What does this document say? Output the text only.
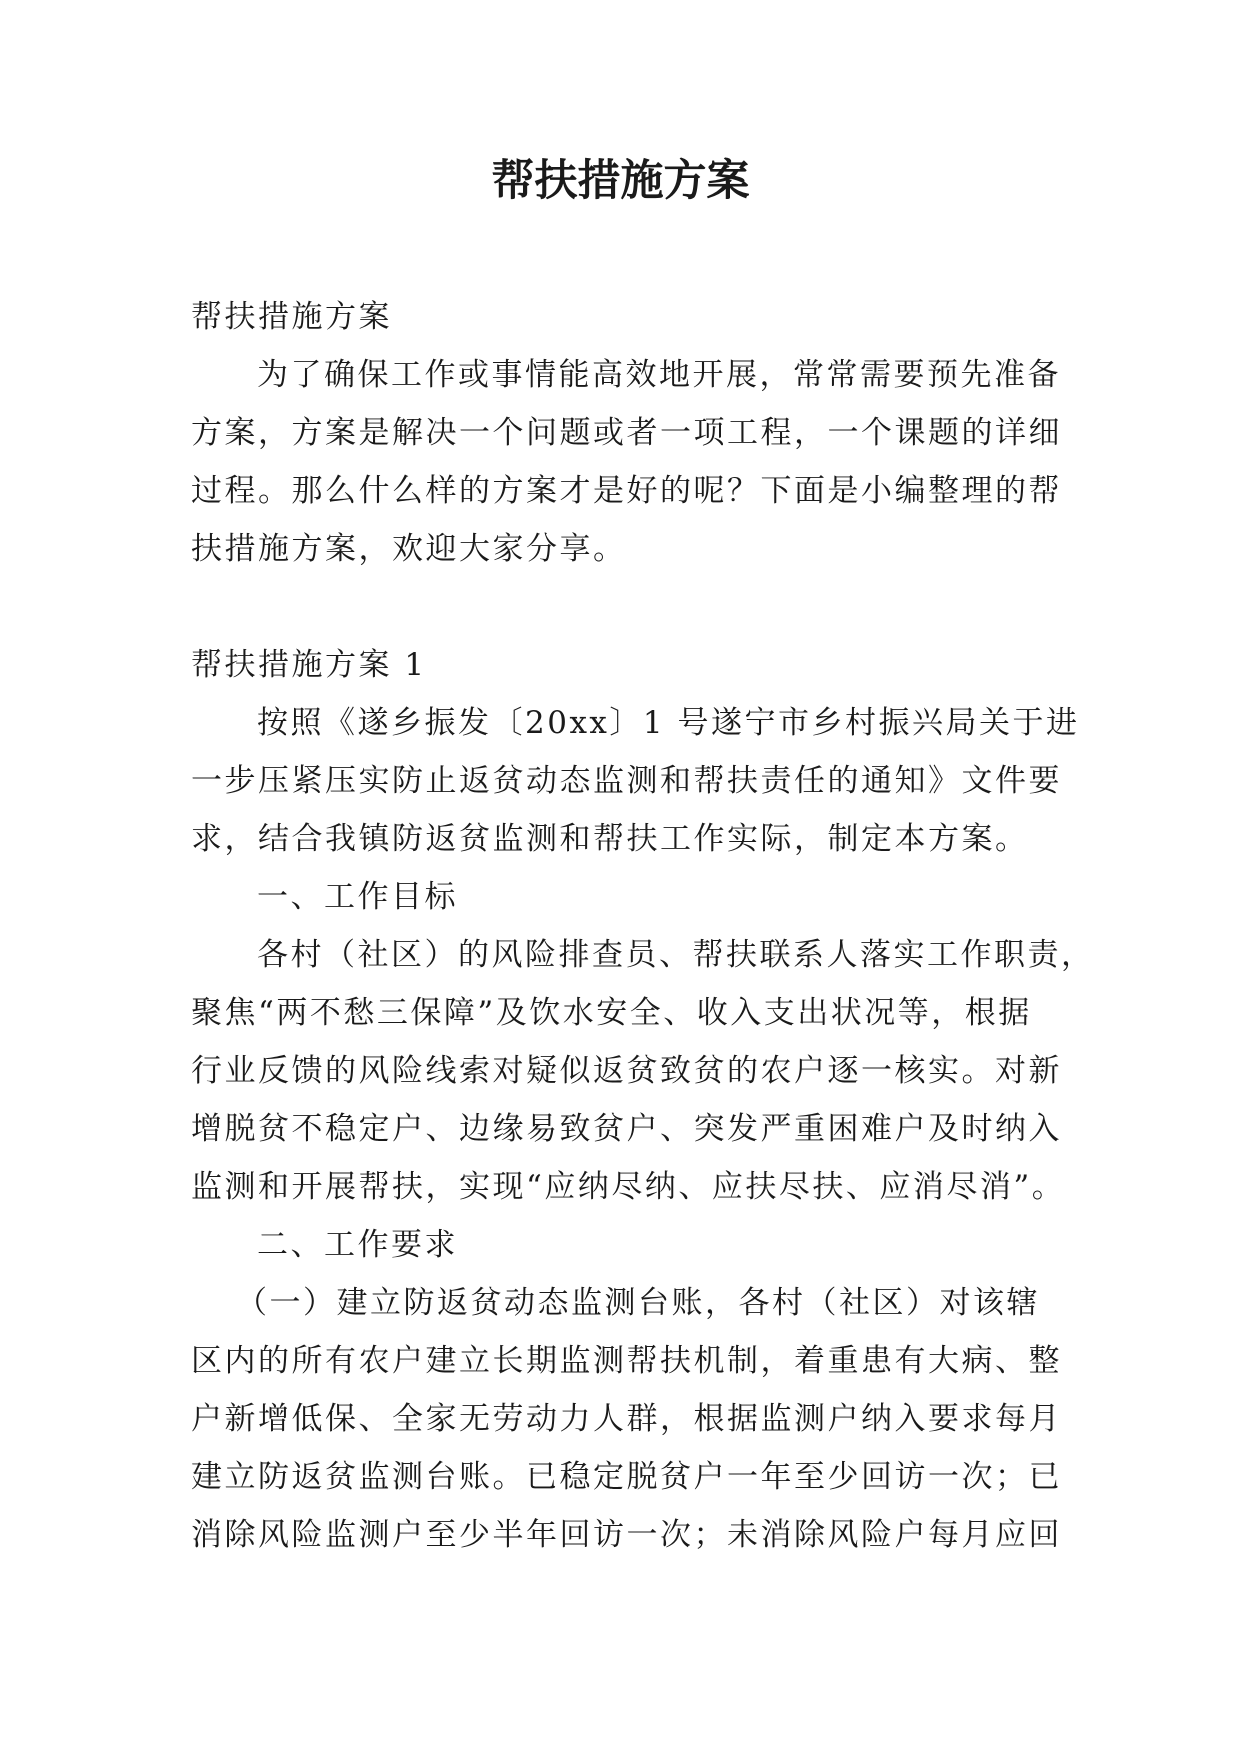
帮扶措施方案
帮扶措施方案
为了确保工作或事情能高效地开展，常常需要预先准备
方案，方案是解决一个问题或者一项工程，一个课题的详细
过程。那么什么样的方案才是好的呢？下面是小编整理的帮
扶措施方案，欢迎大家分享。
帮扶措施方案 1
按照《遂乡振发〔20xx〕1 号遂宁市乡村振兴局关于进
一步压紧压实防止返贫动态监测和帮扶责任的通知》文件要
求，结合我镇防返贫监测和帮扶工作实际，制定本方案。
一、工作目标
各村（社区）的风险排查员、帮扶联系人落实工作职责，
聚焦“两不愁三保障”及饮水安全、收入支出状况等，根据
行业反馈的风险线索对疑似返贫致贫的农户逐一核实。对新
增脱贫不稳定户、边缘易致贫户、突发严重困难户及时纳入
监测和开展帮扶，实现“应纳尽纳、应扶尽扶、应消尽消”。
二、工作要求
（一）建立防返贫动态监测台账，各村（社区）对该辖
区内的所有农户建立长期监测帮扶机制，着重患有大病、整
户新增低保、全家无劳动力人群，根据监测户纳入要求每月
建立防返贫监测台账。已稳定脱贫户一年至少回访一次；已
消除风险监测户至少半年回访一次；未消除风险户每月应回
